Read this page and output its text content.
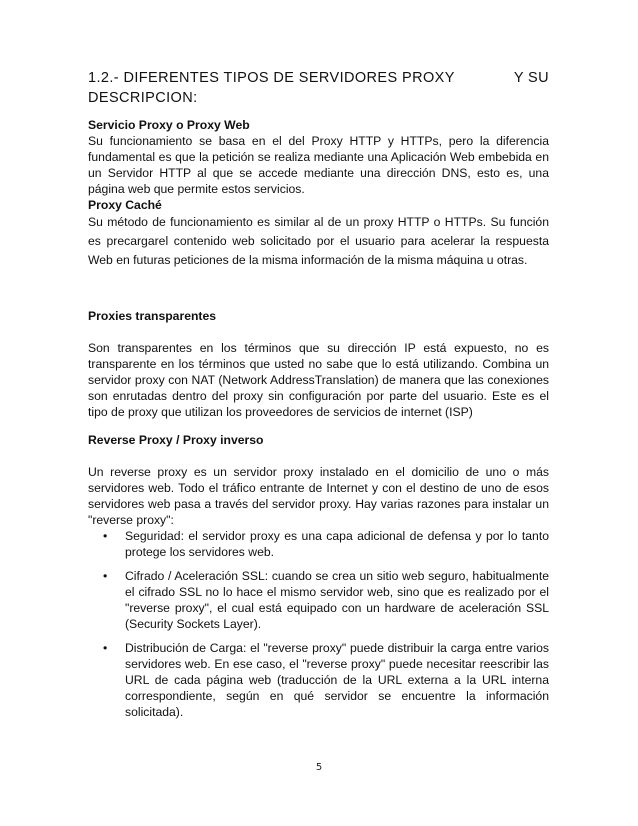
1.2.- DIFERENTES TIPOS DE SERVIDORES PROXY	Y SU
DESCRIPCION:
Servicio Proxy o Proxy Web

Su funcionamiento se basa en el del Proxy HTTP y HTTPs, pero la diferencia fundamental es que la petición se realiza mediante una Aplicación Web embebida en un Servidor HTTP al que se accede mediante una dirección DNS, esto es, una página web que permite estos servicios.

Proxy Caché

Su método de funcionamiento es similar al de un proxy HTTP o HTTPs. Su función es precargarel contenido web solicitado por el usuario para acelerar la respuesta Web en futuras peticiones de la misma información de la misma máquina u otras.

Proxies transparentes

Son transparentes en los términos que su dirección IP está expuesto, no es transparente en los términos que usted no sabe que lo está utilizando. Combina un servidor proxy con NAT (Network AddressTranslation) de manera que las conexiones son enrutadas dentro del proxy sin configuración por parte del usuario. Este es el tipo de proxy que utilizan los proveedores de servicios de internet (ISP)

Reverse Proxy / Proxy inverso

Un reverse proxy es un servidor proxy instalado en el domicilio de uno o más servidores web. Todo el tráfico entrante de Internet y con el destino de uno de esos servidores web pasa a través del servidor proxy. Hay varias razones para instalar un "reverse proxy":

• Seguridad: el servidor proxy es una capa adicional de defensa y por lo tanto protege los servidores web.
• Cifrado / Aceleración SSL: cuando se crea un sitio web seguro, habitualmente el cifrado SSL no lo hace el mismo servidor web, sino que es realizado por el "reverse proxy", el cual está equipado con un hardware de aceleración SSL (Security Sockets Layer).
• Distribución de Carga: el "reverse proxy" puede distribuir la carga entre varios servidores web. En ese caso, el "reverse proxy" puede necesitar reescribir las URL de cada página web (traducción de la URL externa a la URL interna correspondiente, según en qué servidor se encuentre la información solicitada).
5
